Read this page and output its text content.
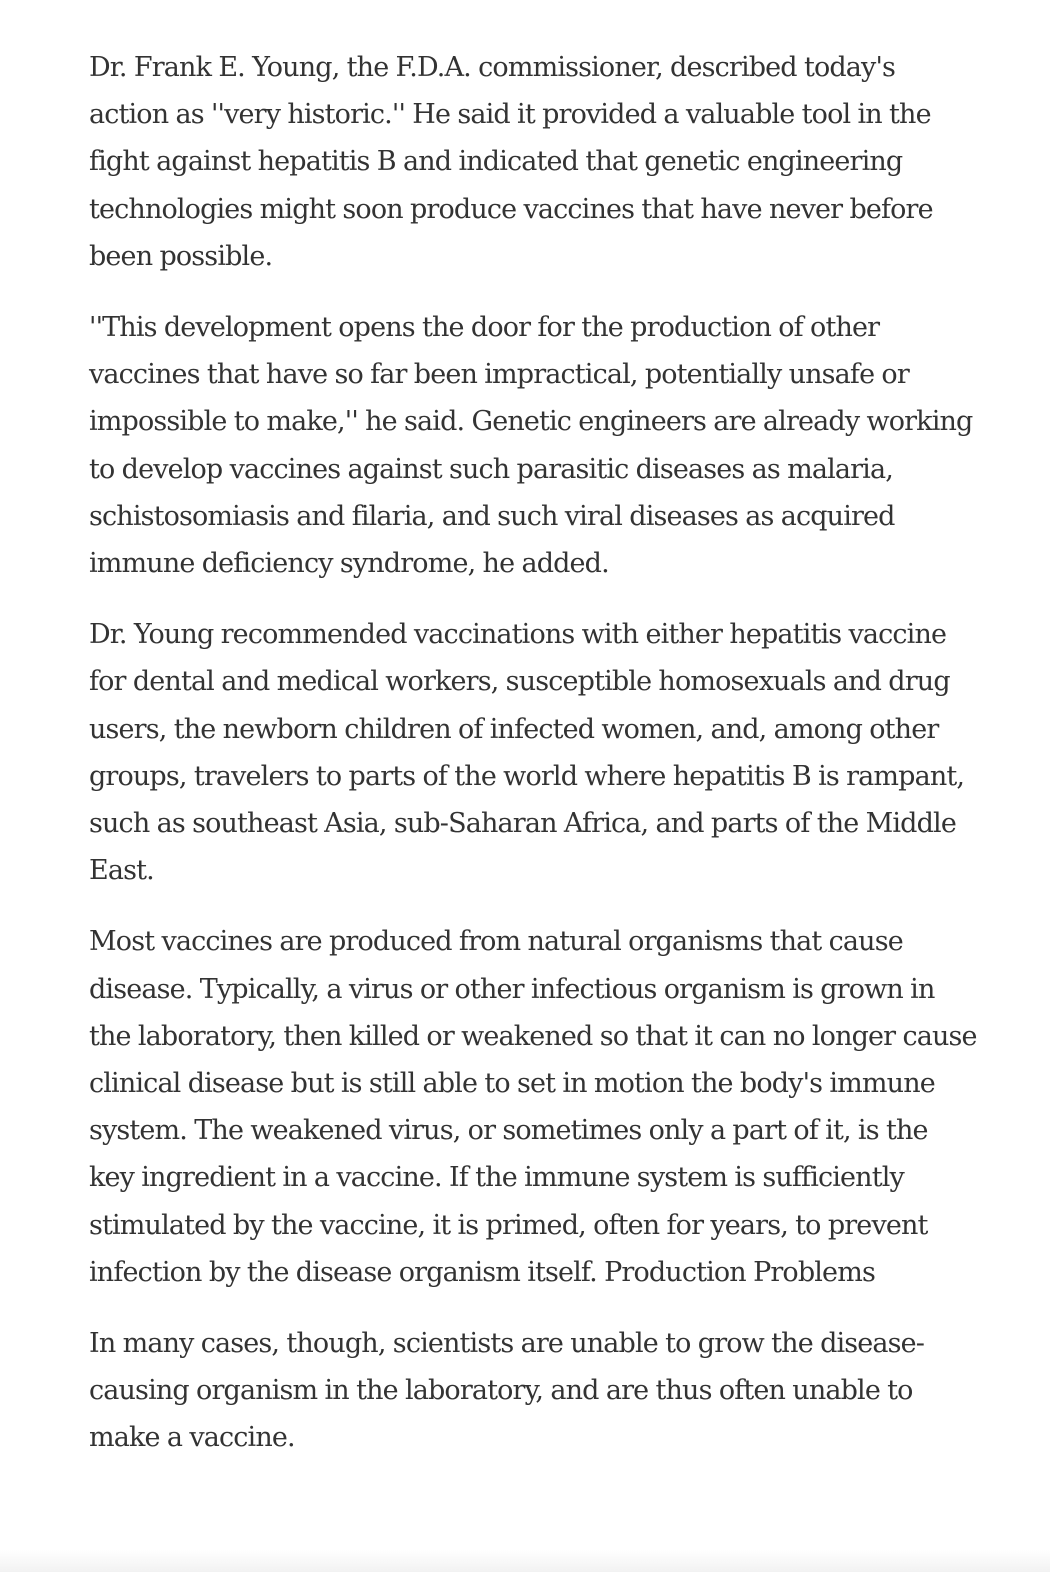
Dr. Frank E. Young, the F.D.A. commissioner, described today's action as ''very historic.'' He said it provided a valuable tool in the fight against hepatitis B and indicated that genetic engineering technologies might soon produce vaccines that have never before been possible.

''This development opens the door for the production of other vaccines that have so far been impractical, potentially unsafe or impossible to make,'' he said. Genetic engineers are already working to develop vaccines against such parasitic diseases as malaria, schistosomiasis and filaria, and such viral diseases as acquired immune deficiency syndrome, he added.

Dr. Young recommended vaccinations with either hepatitis vaccine for dental and medical workers, susceptible homosexuals and drug users, the newborn children of infected women, and, among other groups, travelers to parts of the world where hepatitis B is rampant, such as southeast Asia, sub-Saharan Africa, and parts of the Middle East.

Most vaccines are produced from natural organisms that cause disease. Typically, a virus or other infectious organism is grown in the laboratory, then killed or weakened so that it can no longer cause clinical disease but is still able to set in motion the body's immune system. The weakened virus, or sometimes only a part of it, is the key ingredient in a vaccine. If the immune system is sufficiently stimulated by the vaccine, it is primed, often for years, to prevent infection by the disease organism itself. Production Problems

In many cases, though, scientists are unable to grow the disease-causing organism in the laboratory, and are thus often unable to make a vaccine.
